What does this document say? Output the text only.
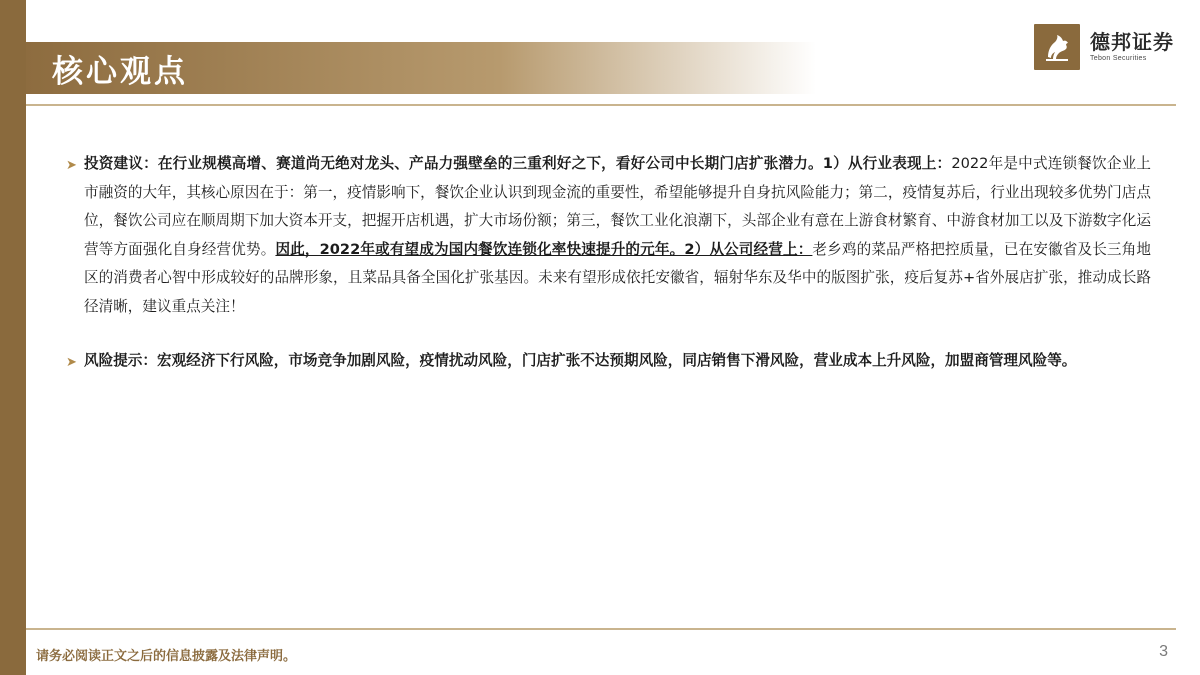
核心观点
德邦证券
Tebon Securities
➤ 投资建议：在行业规模高增、赛道尚无绝对龙头、产品力强壁垒的三重利好之下，看好公司中长期门店扩张潜力。1）从行业表现上：2022年是中式连锁餐饮企业上市融资的大年，其核心原因在于：第一，疫情影响下，餐饮企业认识到现金流的重要性，希望能够提升自身抗风险能力；第二，疫情复苏后，行业出现较多优势门店点位，餐饮公司应在顺周期下加大资本开支，把握开店机遇，扩大市场份额；第三，餐饮工业化浪潮下，头部企业有意在上游食材繁育、中游食材加工以及下游数字化运营等方面强化自身经营优势。因此，2022年或有望成为国内餐饮连锁化率快速提升的元年。2）从公司经营上：老乡鸡的菜品严格把控质量，已在安徽省及长三角地区的消费者心智中形成较好的品牌形象，且菜品具备全国化扩张基因。未来有望形成依托安徽省，辐射华东及华中的版图扩张，疫后复苏+省外展店扩张，推动成长路径清晰，建议重点关注！
➤ 风险提示：宏观经济下行风险，市场竞争加剧风险，疫情扰动风险，门店扩张不达预期风险，同店销售下滑风险，营业成本上升风险，加盟商管理风险等。
请务必阅读正文之后的信息披露及法律声明。	3
